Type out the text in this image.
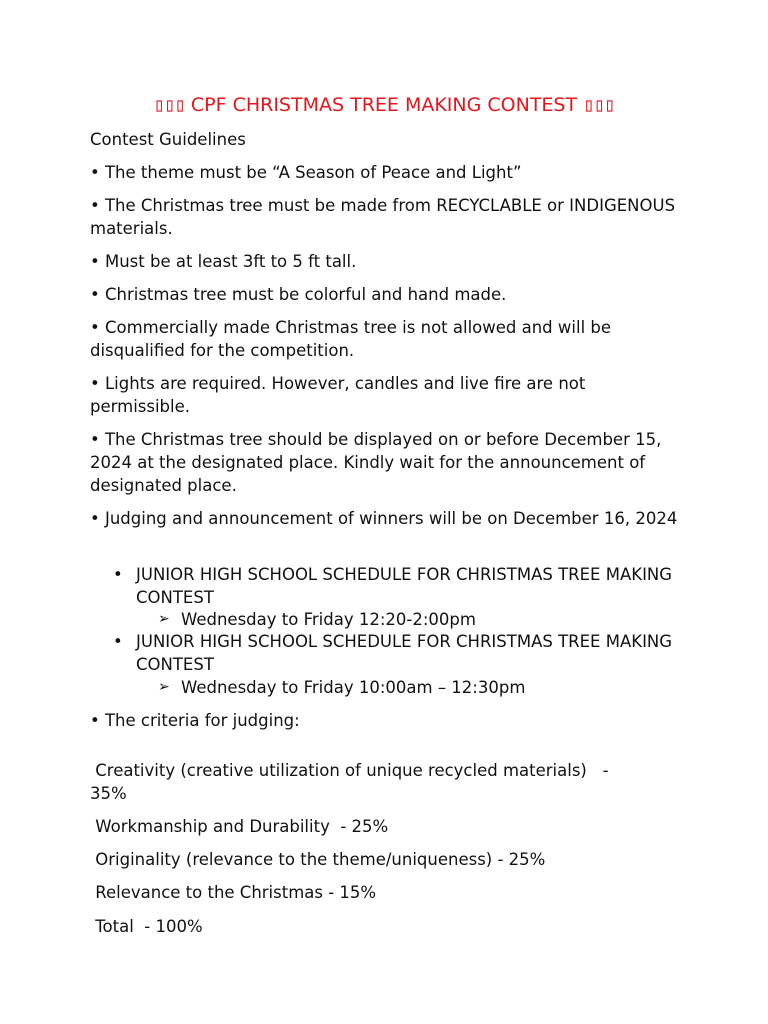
▯▯▯ CPF CHRISTMAS TREE MAKING CONTEST ▯▯▯

Contest Guidelines

• The theme must be “A Season of Peace and Light”

• The Christmas tree must be made from RECYCLABLE or INDIGENOUS materials.

• Must be at least 3ft to 5 ft tall.

• Christmas tree must be colorful and hand made.

• Commercially made Christmas tree is not allowed and will be disqualified for the competition.

• Lights are required. However, candles and live fire are not permissible.

• The Christmas tree should be displayed on or before December 15, 2024 at the designated place. Kindly wait for the announcement of designated place.

• Judging and announcement of winners will be on December 16, 2024

• JUNIOR HIGH SCHOOL SCHEDULE FOR CHRISTMAS TREE MAKING CONTEST
➢ Wednesday to Friday 12:20-2:00pm
• JUNIOR HIGH SCHOOL SCHEDULE FOR CHRISTMAS TREE MAKING CONTEST
➢ Wednesday to Friday 10:00am – 12:30pm

• The criteria for judging:

Creativity (creative utilization of unique recycled materials)   - 35%

Workmanship and Durability  - 25%

Originality (relevance to the theme/uniqueness) - 25%

Relevance to the Christmas - 15%

Total  - 100%
